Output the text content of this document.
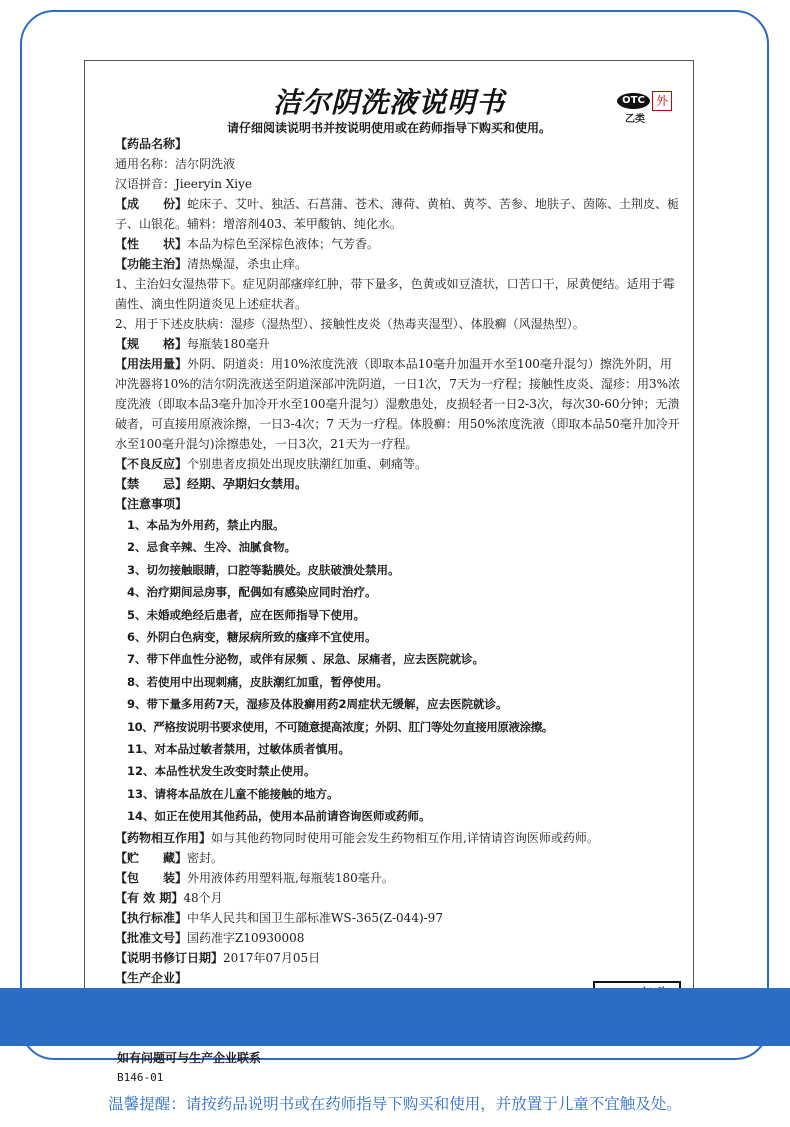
洁尔阴洗液说明书	OTC 外
乙类
请仔细阅读说明书并按说明使用或在药师指导下购买和使用。

【药品名称】

通用名称：洁尔阴洗液

汉语拼音：Jieeryin Xiye

【成　　份】蛇床子、艾叶、独活、石菖蒲、苍术、薄荷、黄柏、黄芩、苦参、地肤子、茵陈、土荆皮、栀子、山银花。辅料：增溶剂403、苯甲酸钠、纯化水。

【性　　状】本品为棕色至深棕色液体；气芳香。

【功能主治】清热燥湿，杀虫止痒。

1、主治妇女湿热带下。症见阴部瘙痒红肿，带下量多，色黄或如豆渣状，口苦口干，尿黄便结。适用于霉菌性、滴虫性阴道炎见上述症状者。

2、用于下述皮肤病：湿疹（湿热型）、接触性皮炎（热毒夹湿型）、体股癣（风湿热型）。

【规　　格】每瓶装180毫升

【用法用量】外阴、阴道炎：用10%浓度洗液（即取本品10毫升加温开水至100毫升混匀）擦洗外阴，用冲洗器将10%的洁尔阴洗液送至阴道深部冲洗阴道，一日1次，7天为一疗程；接触性皮炎、湿疹：用3%浓度洗液（即取本品3毫升加冷开水至100毫升混匀）湿敷患处，皮损轻者一日2-3次，每次30-60分钟；无溃破者，可直接用原液涂擦，一日3-4次；7 天为一疗程。体股癣：用50%浓度洗液（即取本品50毫升加冷开水至100毫升混匀)涂擦患处，一日3次，21天为一疗程。

【不良反应】个别患者皮损处出现皮肤潮红加重、刺痛等。

【禁　　忌】经期、孕期妇女禁用。

【注意事项】

1、本品为外用药，禁止内服。
2、忌食辛辣、生冷、油腻食物。
3、切勿接触眼睛，口腔等黏膜处。皮肤破溃处禁用。
4、治疗期间忌房事，配偶如有感染应同时治疗。
5、未婚或绝经后患者，应在医师指导下使用。
6、外阴白色病变，糖尿病所致的瘙痒不宜使用。
7、带下伴血性分泌物，或伴有尿频 、尿急、尿痛者，应去医院就诊。
8、若使用中出现刺痛，皮肤潮红加重，暂停使用。
9、带下量多用药7天，湿疹及体股癣用药2周症状无缓解，应去医院就诊。
10、严格按说明书要求使用，不可随意提高浓度；外阴、肛门等处勿直接用原液涂擦。
11、对本品过敏者禁用，过敏体质者慎用。
12、本品性状发生改变时禁止使用。
13、请将本品放在儿童不能接触的地方。
14、如正在使用其他药品，使用本品前请咨询医师或药师。

【药物相互作用】如与其他药物同时使用可能会发生药物相互作用,详情请咨询医师或药师。

【贮　　藏】密封。

【包　　装】外用液体药用塑料瓶,每瓶装180毫升。

【有 效 期】48个月

【执行标准】中华人民共和国卫生部标准WS-365(Z-044)-97

【批准文号】国药准字Z10930008

【说明书修订日期】2017年07月05日

【生产企业】

如有问题可与生产企业联系

B146-01

温馨提醒：请按药品说明书或在药师指导下购买和使用，并放置于儿童不宜触及处。
